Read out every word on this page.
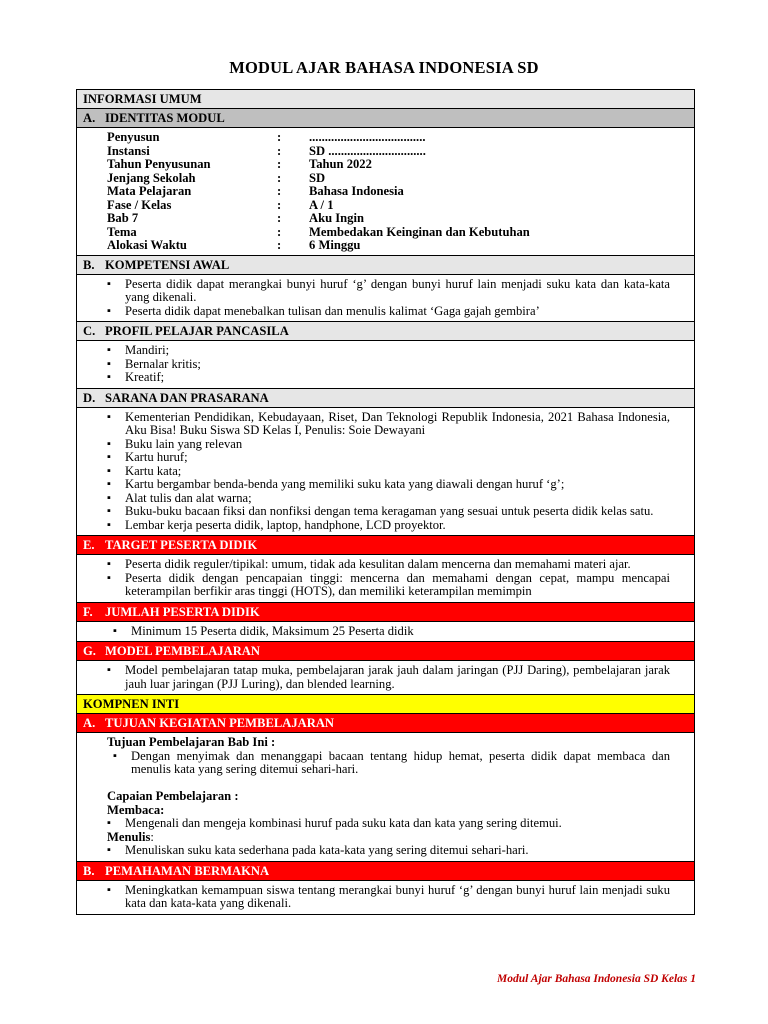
MODUL AJAR BAHASA INDONESIA SD
INFORMASI UMUM
A. IDENTITAS MODUL
Penyusun	:	.....................................
Instansi	:	SD ...............................
Tahun Penyusunan	:	Tahun 2022
Jenjang Sekolah	:	SD
Mata Pelajaran	:	Bahasa Indonesia
Fase / Kelas	:	A / 1
Bab 7	:	Aku Ingin
Tema	:	Membedakan Keinginan dan Kebutuhan
Alokasi Waktu	:	6 Minggu
B. KOMPETENSI AWAL
▪ Peserta didik dapat merangkai bunyi huruf ‘g’ dengan bunyi huruf lain menjadi suku kata dan kata-kata yang dikenali.
▪ Peserta didik dapat menebalkan tulisan dan menulis kalimat ‘Gaga gajah gembira’
C. PROFIL PELAJAR PANCASILA
▪ Mandiri;
▪ Bernalar kritis;
▪ Kreatif;
D. SARANA DAN PRASARANA
▪ Kementerian Pendidikan, Kebudayaan, Riset, Dan Teknologi Republik Indonesia, 2021 Bahasa Indonesia, Aku Bisa! Buku Siswa SD Kelas I, Penulis: Soie Dewayani
▪ Buku lain yang relevan
▪ Kartu huruf;
▪ Kartu kata;
▪ Kartu bergambar benda-benda yang memiliki suku kata yang diawali dengan huruf ‘g’;
▪ Alat tulis dan alat warna;
▪ Buku-buku bacaan fiksi dan nonfiksi dengan tema keragaman yang sesuai untuk peserta didik kelas satu.
▪ Lembar kerja peserta didik, laptop, handphone, LCD proyektor.
E. TARGET PESERTA DIDIK
▪ Peserta didik reguler/tipikal: umum, tidak ada kesulitan dalam mencerna dan memahami materi ajar.
▪ Peserta didik dengan pencapaian tinggi: mencerna dan memahami dengan cepat, mampu mencapai keterampilan berfikir aras tinggi (HOTS), dan memiliki keterampilan memimpin
F. JUMLAH PESERTA DIDIK
▪ Minimum 15 Peserta didik, Maksimum 25 Peserta didik
G. MODEL PEMBELAJARAN
▪ Model pembelajaran tatap muka, pembelajaran jarak jauh dalam jaringan (PJJ Daring), pembelajaran jarak jauh luar jaringan (PJJ Luring), dan blended learning.
KOMPNEN INTI
A. TUJUAN KEGIATAN PEMBELAJARAN
Tujuan Pembelajaran Bab Ini :
▪ Dengan menyimak dan menanggapi bacaan tentang hidup hemat, peserta didik dapat membaca dan menulis kata yang sering ditemui sehari-hari.
Capaian Pembelajaran :
Membaca:
▪ Mengenali dan mengeja kombinasi huruf pada suku kata dan kata yang sering ditemui.
Menulis:
▪ Menuliskan suku kata sederhana pada kata-kata yang sering ditemui sehari-hari.
B. PEMAHAMAN BERMAKNA
▪ Meningkatkan kemampuan siswa tentang merangkai bunyi huruf ‘g’ dengan bunyi huruf lain menjadi suku kata dan kata-kata yang dikenali.
Modul Ajar Bahasa Indonesia SD Kelas 1
